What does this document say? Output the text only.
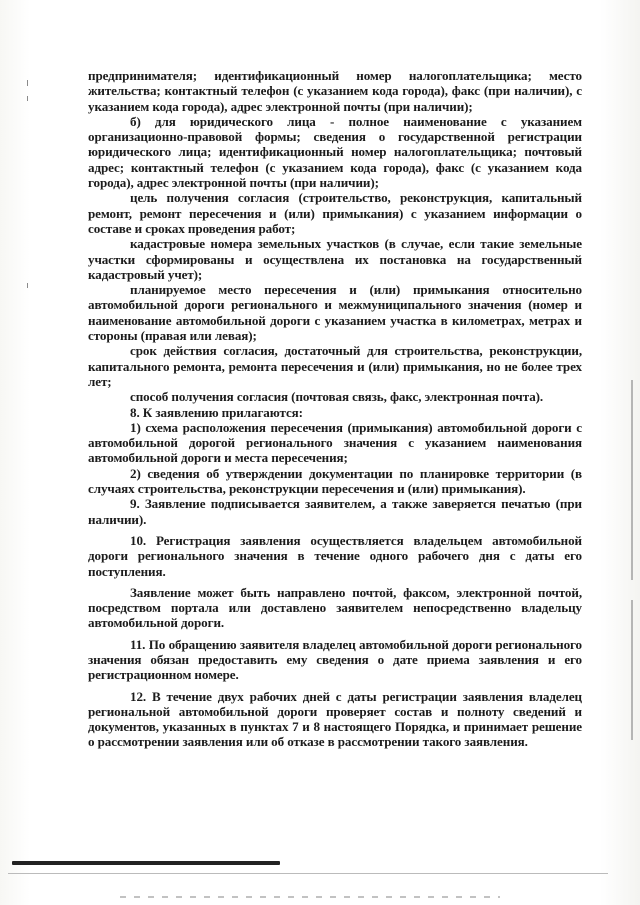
предпринимателя; идентификационный номер налогоплательщика; место жительства; контактный телефон (с указанием кода города), факс (при наличии), с указанием кода города), адрес электронной почты (при наличии);

б) для юридического лица - полное наименование с указанием организационно-правовой формы; сведения о государственной регистрации юридического лица; идентификационный номер налогоплательщика; почтовый адрес; контактный телефон (с указанием кода города), факс (с указанием кода города), адрес электронной почты (при наличии);

цель получения согласия (строительство, реконструкция, капитальный ремонт, ремонт пересечения и (или) примыкания) с указанием информации о составе и сроках проведения работ;

кадастровые номера земельных участков (в случае, если такие земельные участки сформированы и осуществлена их постановка на государственный кадастровый учет);

планируемое место пересечения и (или) примыкания относительно автомобильной дороги регионального и межмуниципального значения (номер и наименование автомобильной дороги с указанием участка в километрах, метрах и стороны (правая или левая);

срок действия согласия, достаточный для строительства, реконструкции, капитального ремонта, ремонта пересечения и (или) примыкания, но не более трех лет;

способ получения согласия (почтовая связь, факс, электронная почта).

8. К заявлению прилагаются:

1) схема расположения пересечения (примыкания) автомобильной дороги с автомобильной дорогой регионального значения с указанием наименования автомобильной дороги и места пересечения;

2) сведения об утверждении документации по планировке территории (в случаях строительства, реконструкции пересечения и (или) примыкания).

9. Заявление подписывается заявителем, а также заверяется печатью (при наличии).

10. Регистрация заявления осуществляется владельцем автомобильной дороги регионального значения в течение одного рабочего дня с даты его поступления.

Заявление может быть направлено почтой, факсом, электронной почтой, посредством портала или доставлено заявителем непосредственно владельцу автомобильной дороги.

11. По обращению заявителя владелец автомобильной дороги регионального значения обязан предоставить ему сведения о дате приема заявления и его регистрационном номере.

12. В течение двух рабочих дней с даты регистрации заявления владелец региональной автомобильной дороги проверяет состав и полноту сведений и документов, указанных в пунктах 7 и 8 настоящего Порядка, и принимает решение о рассмотрении заявления или об отказе в рассмотрении такого заявления.
